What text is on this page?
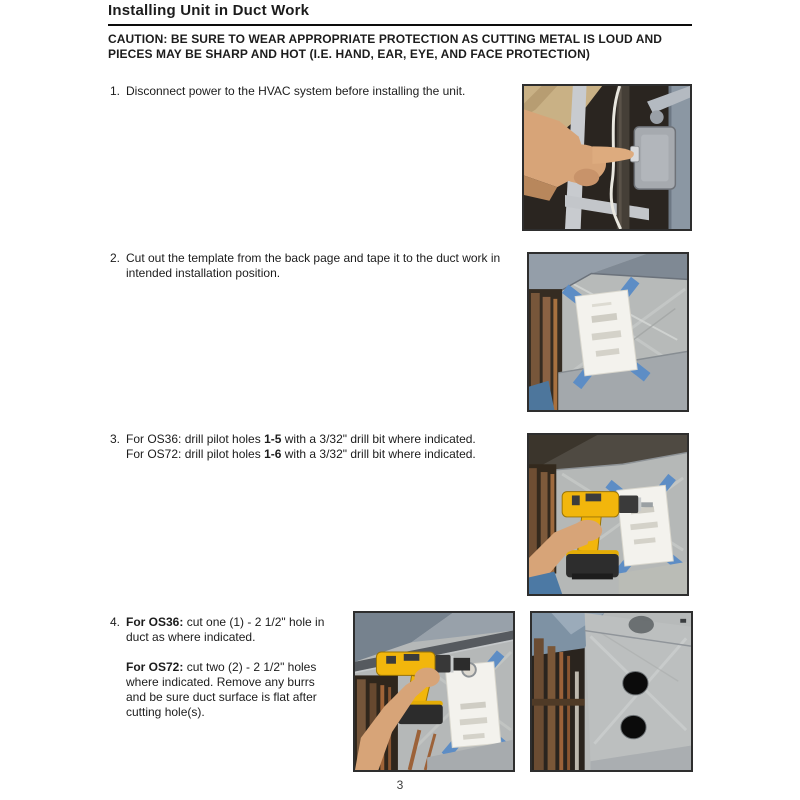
Installing Unit in Duct Work
CAUTION: BE SURE TO WEAR APPROPRIATE PROTECTION AS CUTTING METAL IS LOUD AND
PIECES MAY BE SHARP AND HOT (I.E. HAND, EAR, EYE, AND FACE PROTECTION)
1. Disconnect power to the HVAC system before installing the unit.
2. Cut out the template from the back page and tape it to the duct work in
intended installation position.
3. For OS36: drill pilot holes 1-5 with a 3/32" drill bit where indicated.
For OS72: drill pilot holes 1-6 with a 3/32" drill bit where indicated.
4. For OS36: cut one (1) - 2 1/2" hole in
duct as where indicated.
For OS72: cut two (2) - 2 1/2" holes
where indicated. Remove any burrs
and be sure duct surface is flat after
cutting hole(s).
3
